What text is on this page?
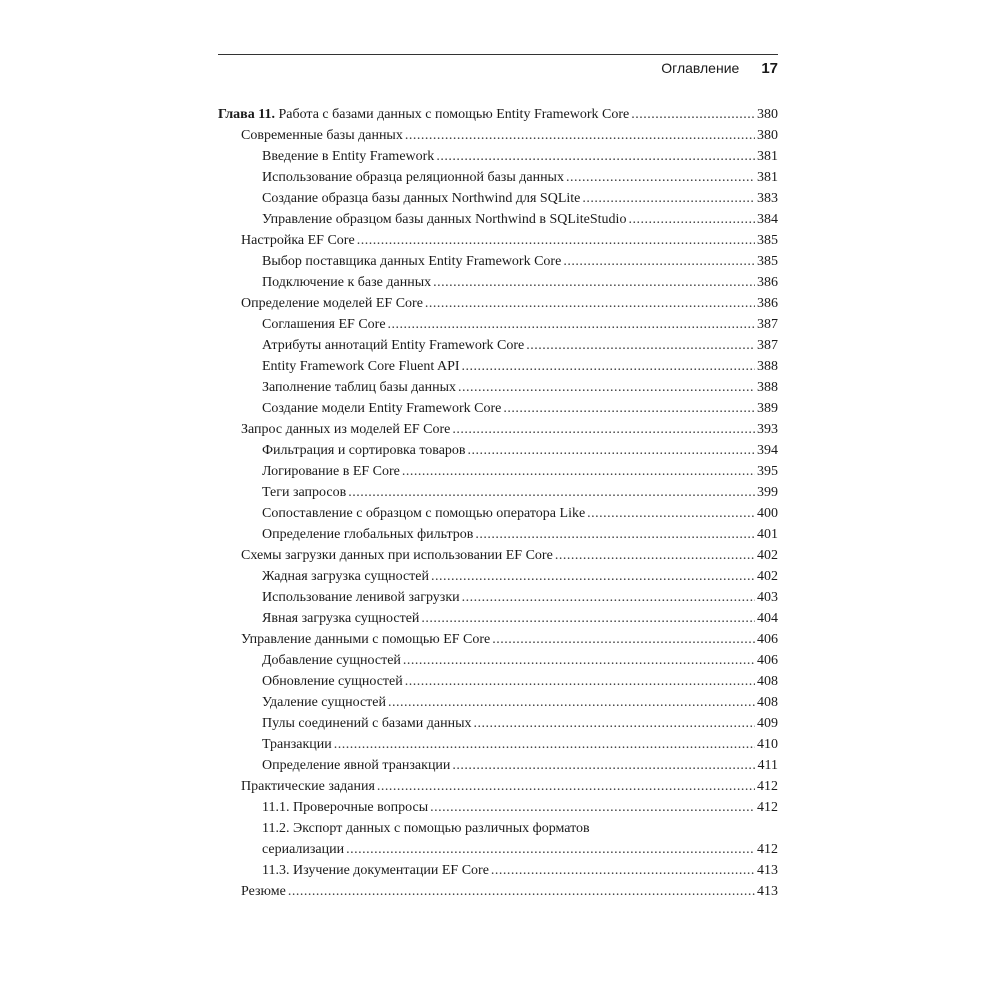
Оглавление 17
Глава 11. Работа с базами данных с помощью Entity Framework Core .....	380
Современные базы данных .....	380
Введение в Entity Framework .....	381
Использование образца реляционной базы данных .....	381
Создание образца базы данных Northwind для SQLite .....	383
Управление образцом базы данных Northwind в SQLiteStudio .....	384
Настройка EF Core .....	385
Выбор поставщика данных Entity Framework Core .....	385
Подключение к базе данных .....	386
Определение моделей EF Core .....	386
Соглашения EF Core .....	387
Атрибуты аннотаций Entity Framework Core .....	387
Entity Framework Core Fluent API .....	388
Заполнение таблиц базы данных .....	388
Создание модели Entity Framework Core .....	389
Запрос данных из моделей EF Core .....	393
Фильтрация и сортировка товаров .....	394
Логирование в EF Core .....	395
Теги запросов .....	399
Сопоставление с образцом с помощью оператора Like .....	400
Определение глобальных фильтров .....	401
Схемы загрузки данных при использовании EF Core .....	402
Жадная загрузка сущностей .....	402
Использование ленивой загрузки .....	403
Явная загрузка сущностей .....	404
Управление данными с помощью EF Core .....	406
Добавление сущностей .....	406
Обновление сущностей .....	408
Удаление сущностей .....	408
Пулы соединений с базами данных .....	409
Транзакции .....	410
Определение явной транзакции .....	411
Практические задания .....	412
11.1. Проверочные вопросы .....	412
11.2. Экспорт данных с помощью различных форматов
сериализации .....	412
11.3. Изучение документации EF Core .....	413
Резюме .....	413
